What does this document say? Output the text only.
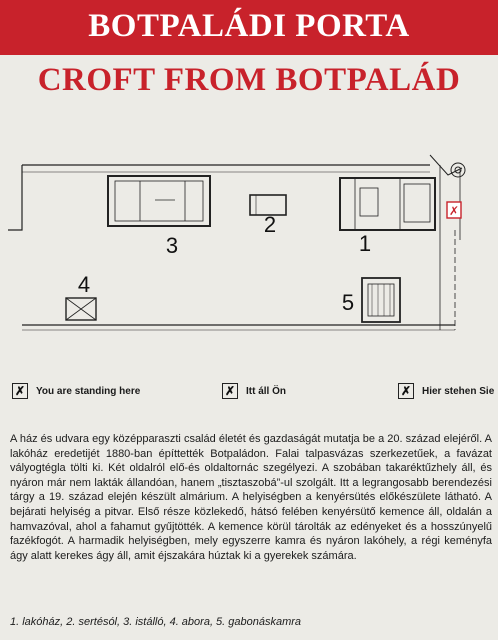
BOTPALÁDI PORTA
CROFT FROM BOTPALÁD
✗
3
2
1
4
5
✗ You are standing here	✗ Itt áll Ön	✗ Hier stehen Sie
A ház és udvara egy középparaszti család életét és gazdaságát mutatja be a 20. század elejéről. A lakóház eredetijét 1880-ban építtették Botpaládon. Falai talpasvázas szerkezetűek, a favázat vályogtégla tölti ki. Két oldalról elő-és oldaltornác szegélyezi. A szobában takaréktűzhely áll, és nyáron már nem lakták állandóan, hanem „tisztaszobá”-ul szolgált. Itt a legrangosabb berendezési tárgy a 19. század elején készült almárium. A helyiségben a kenyérsütés előkészülete látható. A bejárati helyiség a pitvar. Első része közlekedő, hátsó felében kenyérsütő kemence áll, oldalán a hamvazóval, ahol a fahamut gyűjtötték. A kemence körül tárolták az edényeket és a hosszúnyelű fazékfogót. A harmadik helyiségben, mely egyszerre kamra és nyáron lakóhely, a régi keményfa ágy alatt kerekes ágy áll, amit éjszakára húztak ki a gyerekek számára.
1. lakóház, 2. sertésól, 3. istálló, 4. abora, 5. gabonáskamra
